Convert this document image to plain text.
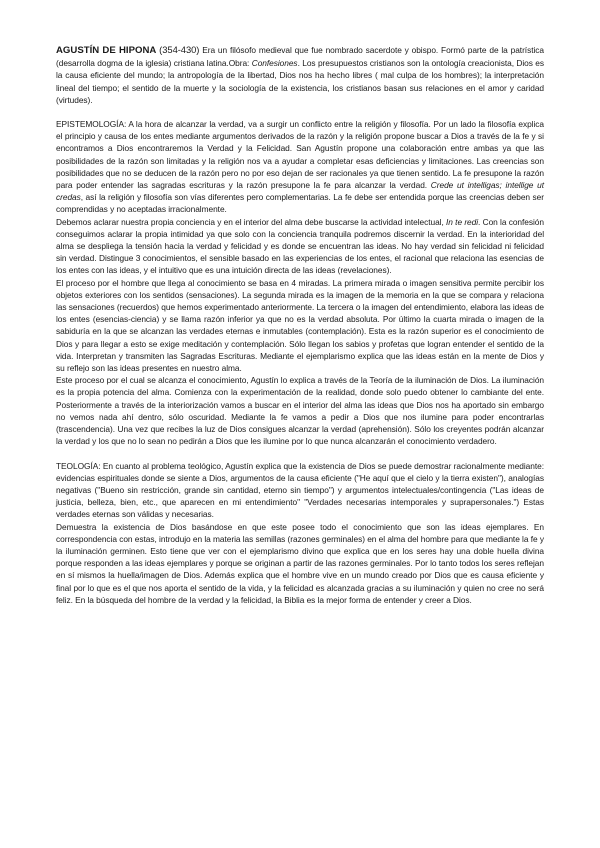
AGUSTÍN DE HIPONA (354-430) Era un filósofo medieval que fue nombrado sacerdote y obispo. Formó parte de la patrística (desarrolla dogma de la iglesia) cristiana latina.Obra: Confesiones. Los presupuestos cristianos son la ontología creacionista, Dios es la causa eficiente del mundo; la antropología de la libertad, Dios nos ha hecho libres ( mal culpa de los hombres); la interpretación lineal del tiempo; el sentido de la muerte y la sociología de la existencia, los cristianos basan sus relaciones en el amor y caridad (virtudes).

EPISTEMOLOGÍA: A la hora de alcanzar la verdad, va a surgir un conflicto entre la religión y filosofía. Por un lado la filosofía explica el principio y causa de los entes mediante argumentos derivados de la razón y la religión propone buscar a Dios a través de la fe y si encontramos a Dios encontraremos la Verdad y la Felicidad. San Agustín propone una colaboración entre ambas ya que las posibilidades de la razón son limitadas y la religión nos va a ayudar a completar esas deficiencias y limitaciones. Las creencias son posibilidades que no se deducen de la razón pero no por eso dejan de ser racionales ya que tienen sentido. La fe presupone la razón para poder entender las sagradas escrituras y la razón presupone la fe para alcanzar la verdad. Crede ut intelligas; intellige ut credas, así la religión y filosofía son vías diferentes pero complementarias. La fe debe ser entendida porque las creencias deben ser comprendidas y no aceptadas irracionalmente.

Debemos aclarar nuestra propia conciencia y en el interior del alma debe buscarse la actividad intelectual, In te redi. Con la confesión conseguimos aclarar la propia intimidad ya que solo con la conciencia tranquila podremos discernir la verdad. En la interioridad del alma se despliega la tensión hacia la verdad y felicidad y es donde se encuentran las ideas. No hay verdad sin felicidad ni felicidad sin verdad. Distingue 3 conocimientos, el sensible basado en las experiencias de los entes, el racional que relaciona las esencias de los entes con las ideas, y el intuitivo que es una intuición directa de las ideas (revelaciones).

El proceso por el hombre que llega al conocimiento se basa en 4 miradas. La primera mirada o imagen sensitiva permite percibir los objetos exteriores con los sentidos (sensaciones). La segunda mirada es la imagen de la memoria en la que se compara y relaciona las sensaciones (recuerdos) que hemos experimentado anteriormente. La tercera o la imagen del entendimiento, elabora las ideas de los entes (esencias-ciencia) y se llama razón inferior ya que no es la verdad absoluta. Por último la cuarta mirada o imagen de la sabiduría en la que se alcanzan las verdades eternas e inmutables (contemplación). Esta es la razón superior es el conocimiento de Dios y para llegar a esto se exige meditación y contemplación. Sólo llegan los sabios y profetas que logran entender el sentido de la vida. Interpretan y transmiten las Sagradas Escrituras. Mediante el ejemplarismo explica que las ideas están en la mente de Dios y su reflejo son las ideas presentes en nuestro alma.

Este proceso por el cual se alcanza el conocimiento, Agustín lo explica a través de la Teoría de la iluminación de Dios. La iluminación es la propia potencia del alma. Comienza con la experimentación de la realidad, donde solo puedo obtener lo cambiante del ente. Posteriormente a través de la interiorización vamos a buscar en el interior del alma las ideas que Dios nos ha aportado sin embargo no vemos nada ahí dentro, sólo oscuridad. Mediante la fe vamos a pedir a Dios que nos ilumine para poder encontrarlas (trascendencia). Una vez que recibes la luz de Dios consigues alcanzar la verdad (aprehensión). Sólo los creyentes podrán alcanzar la verdad y los que no lo sean no pedirán a Dios que les ilumine por lo que nunca alcanzarán el conocimiento verdadero.

TEOLOGÍA: En cuanto al problema teológico, Agustín explica que la existencia de Dios se puede demostrar racionalmente mediante: evidencias espirituales donde se siente a Dios, argumentos de la causa eficiente ("He aquí que el cielo y la tierra existen"), analogías negativas ("Bueno sin restricción, grande sin cantidad, eterno sin tiempo") y argumentos intelectuales/contingencia ("Las ideas de justicia, belleza, bien, etc., que aparecen en mi entendimiento" "Verdades necesarias intemporales y suprapersonales.") Estas verdades eternas son válidas y necesarias.

Demuestra la existencia de Dios basándose en que este posee todo el conocimiento que son las ideas ejemplares. En correspondencia con estas, introdujo en la materia las semillas (razones germinales) en el alma del hombre para que mediante la fe y la iluminación germinen. Esto tiene que ver con el ejemplarismo divino que explica que en los seres hay una doble huella divina porque responden a las ideas ejemplares y porque se originan a partir de las razones germinales. Por lo tanto todos los seres reflejan en sí mismos la huella/imagen de Dios. Además explica que el hombre vive en un mundo creado por Dios que es causa eficiente y final por lo que es el que nos aporta el sentido de la vida, y la felicidad es alcanzada gracias a su iluminación y quien no cree no será feliz. En la búsqueda del hombre de la verdad y la felicidad, la Biblia es la mejor forma de entender y creer a Dios.
